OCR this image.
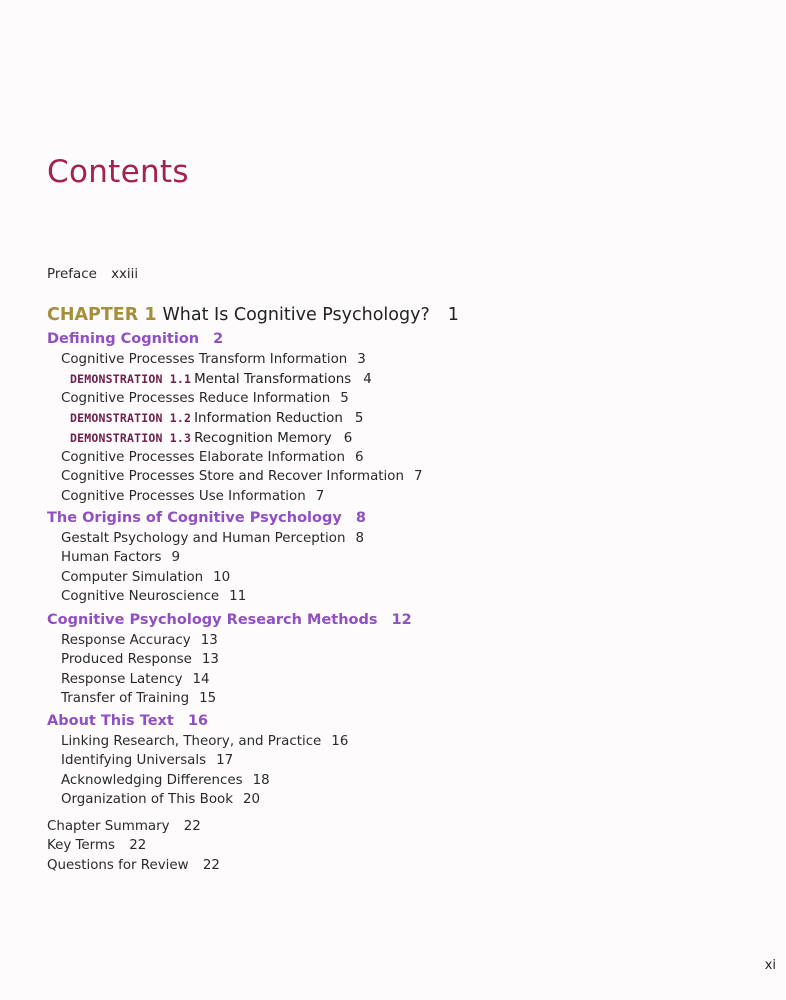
Contents
Preface xxiii
CHAPTER 1 What Is Cognitive Psychology? 1
Defining Cognition 2
Cognitive Processes Transform Information 3
DEMONSTRATION 1.1 Mental Transformations 4
Cognitive Processes Reduce Information 5
DEMONSTRATION 1.2 Information Reduction 5
DEMONSTRATION 1.3 Recognition Memory 6
Cognitive Processes Elaborate Information 6
Cognitive Processes Store and Recover Information 7
Cognitive Processes Use Information 7
The Origins of Cognitive Psychology 8
Gestalt Psychology and Human Perception 8
Human Factors 9
Computer Simulation 10
Cognitive Neuroscience 11
Cognitive Psychology Research Methods 12
Response Accuracy 13
Produced Response 13
Response Latency 14
Transfer of Training 15
About This Text 16
Linking Research, Theory, and Practice 16
Identifying Universals 17
Acknowledging Differences 18
Organization of This Book 20
Chapter Summary 22
Key Terms 22
Questions for Review 22
xi
